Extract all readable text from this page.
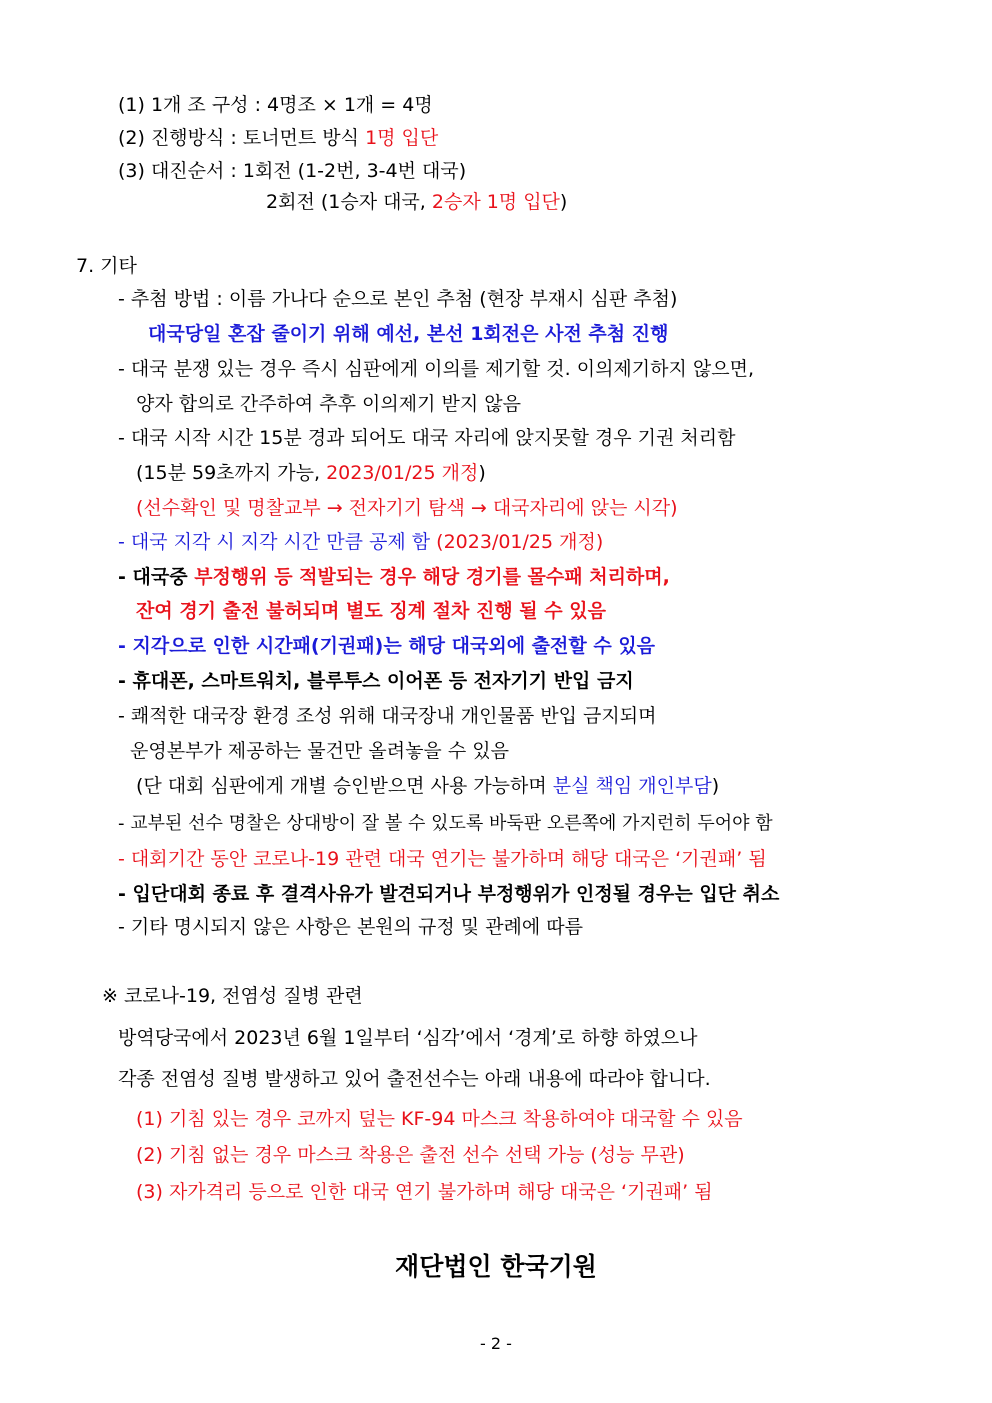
(1) 1개 조 구성 : 4명조 × 1개 = 4명
(2) 진행방식 : 토너먼트 방식 1명 입단
(3) 대진순서 : 1회전 (1-2번, 3-4번 대국)
2회전 (1승자 대국, 2승자 1명 입단)
7. 기타
- 추첨 방법 : 이름 가나다 순으로 본인 추첨 (현장 부재시 심판 추첨)
대국당일 혼잡 줄이기 위해 예선, 본선 1회전은 사전 추첨 진행
- 대국 분쟁 있는 경우 즉시 심판에게 이의를 제기할 것. 이의제기하지 않으면,
양자 합의로 간주하여 추후 이의제기 받지 않음
- 대국 시작 시간 15분 경과 되어도 대국 자리에 앉지못할 경우 기권 처리함
(15분 59초까지 가능, 2023/01/25 개정)
(선수확인 및 명찰교부 → 전자기기 탐색 → 대국자리에 앉는 시각)
- 대국 지각 시 지각 시간 만큼 공제 함 (2023/01/25 개정)
- 대국중 부정행위 등 적발되는 경우 해당 경기를 몰수패 처리하며,
잔여 경기 출전 불허되며 별도 징계 절차 진행 될 수 있음
- 지각으로 인한 시간패(기권패)는 해당 대국외에 출전할 수 있음
- 휴대폰, 스마트워치, 블루투스 이어폰 등 전자기기 반입 금지
- 쾌적한 대국장 환경 조성 위해 대국장내 개인물품 반입 금지되며
운영본부가 제공하는 물건만 올려놓을 수 있음
(단 대회 심판에게 개별 승인받으면 사용 가능하며 분실 책임 개인부담)
- 교부된 선수 명찰은 상대방이 잘 볼 수 있도록 바둑판 오른쪽에 가지런히 두어야 함
- 대회기간 동안 코로나-19 관련 대국 연기는 불가하며 해당 대국은 ‘기권패’ 됨
- 입단대회 종료 후 결격사유가 발견되거나 부정행위가 인정될 경우는 입단 취소
- 기타 명시되지 않은 사항은 본원의 규정 및 관례에 따름
※ 코로나-19, 전염성 질병 관련
방역당국에서 2023년 6월 1일부터 ‘심각’에서 ‘경계’로 하향 하였으나
각종 전염성 질병 발생하고 있어 출전선수는 아래 내용에 따라야 합니다.
(1) 기침 있는 경우 코까지 덮는 KF-94 마스크 착용하여야 대국할 수 있음
(2) 기침 없는 경우 마스크 착용은 출전 선수 선택 가능 (성능 무관)
(3) 자가격리 등으로 인한 대국 연기 불가하며 해당 대국은 ‘기권패’ 됨
재단법인 한국기원
- 2 -
